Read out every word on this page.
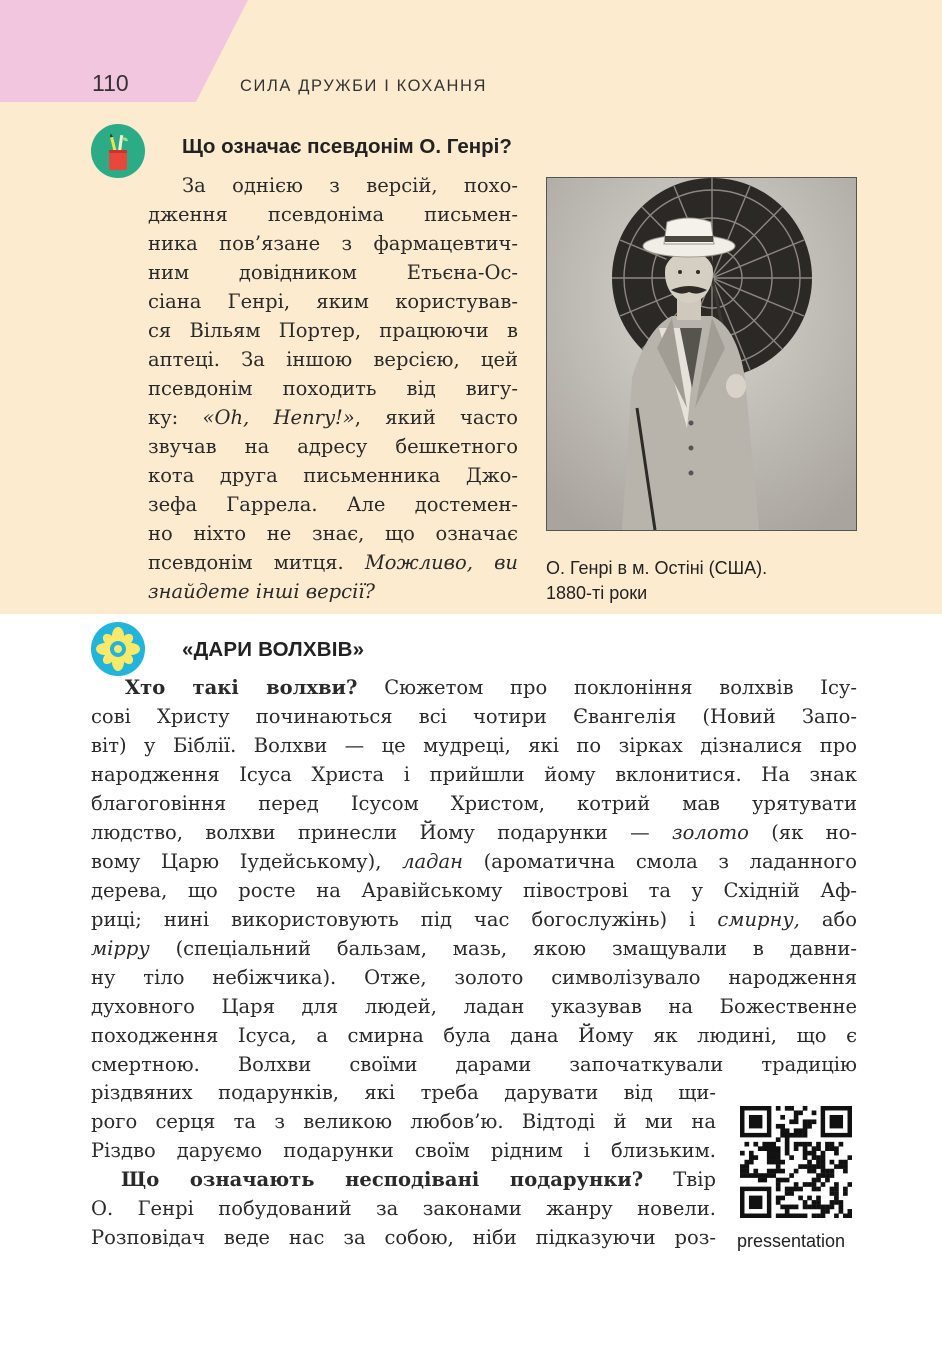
110	СИЛА ДРУЖБИ І КОХАННЯ
Що означає псевдонім О. Генрі?
За однією з версій, похо-
дження псевдоніма письмен-
ника пов’язане з фармацевтич-
ним довідником Етьєна-Ос-
сіана Генрі, яким користував-
ся Вільям Портер, працюючи в
аптеці. За іншою версією, цей
псевдонім походить від вигу-
ку: «Oh, Henry!», який часто
звучав на адресу бешкетного
кота друга письменника Джо-
зефа Гаррела. Але достемен-
но ніхто не знає, що означає
псевдонім митця. Можливо, ви
знайдете інші версії?
О. Генрі в м. Остіні (США).
1880-ті роки
«ДАРИ ВОЛХВІВ»
Хто такі волхви? Сюжетом про поклоніння волхвів Ісу-
сові Христу починаються всі чотири Євангелія (Новий Запо-
віт) у Біблії. Волхви — це мудреці, які по зірках дізналися про
народження Ісуса Христа і прийшли йому вклонитися. На знак
благоговіння перед Ісусом Христом, котрий мав урятувати
людство, волхви принесли Йому подарунки — золото (як но-
вому Царю Іудейському), ладан (ароматична смола з ладанного
дерева, що росте на Аравійському півострові та у Східній Аф-
риці; нині використовують під час богослужінь) і смирну, або
мірру (спеціальний бальзам, мазь, якою змащували в давни-
ну тіло небіжчика). Отже, золото символізувало народження
духовного Царя для людей, ладан указував на Божественне
походження Ісуса, а смирна була дана Йому як людині, що є
смертною. Волхви своїми дарами започаткували традицію
різдвяних подарунків, які треба дарувати від щи-
рого серця та з великою любов’ю. Відтоді й ми на
Різдво даруємо подарунки своїм рідним і близьким.
Що означають несподівані подарунки? Твір
О. Генрі побудований за законами жанру новели.
Розповідач веде нас за собою, ніби підказуючи роз- pressentation
